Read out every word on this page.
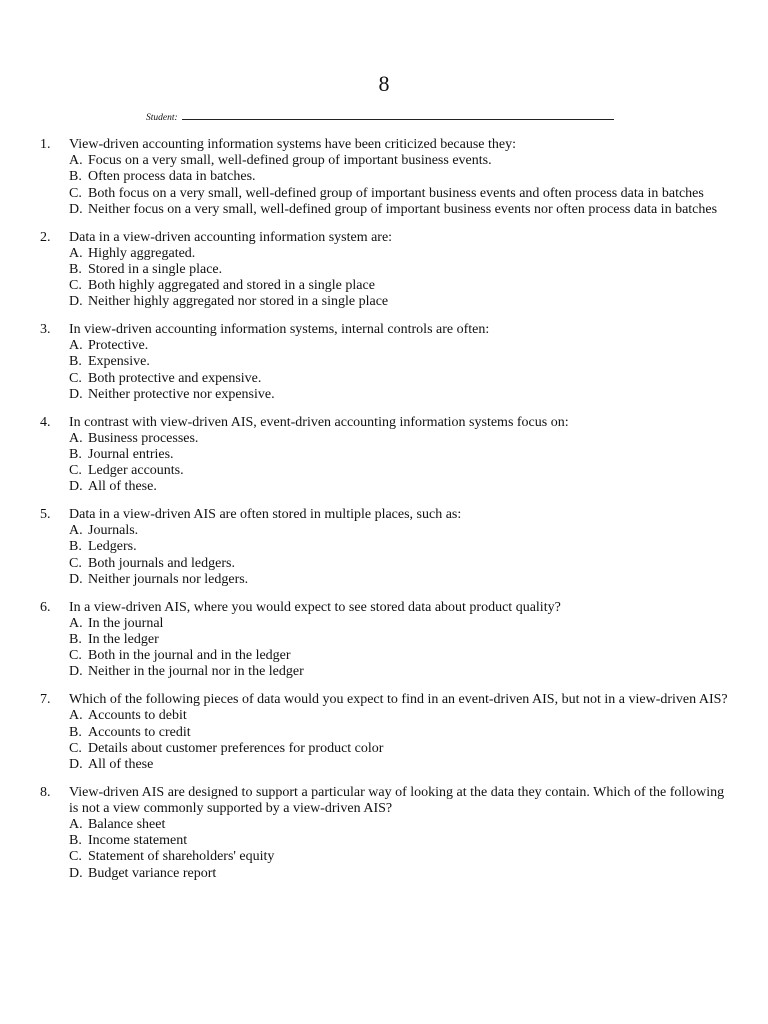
8
Student:
1.	View-driven accounting information systems have been criticized because they:
A. Focus on a very small, well-defined group of important business events.
B. Often process data in batches.
C. Both focus on a very small, well-defined group of important business events and often process data in batches
D. Neither focus on a very small, well-defined group of important business events nor often process data in batches
2.	Data in a view-driven accounting information system are:
A. Highly aggregated.
B. Stored in a single place.
C. Both highly aggregated and stored in a single place
D. Neither highly aggregated nor stored in a single place
3.	In view-driven accounting information systems, internal controls are often:
A. Protective.
B. Expensive.
C. Both protective and expensive.
D. Neither protective nor expensive.
4.	In contrast with view-driven AIS, event-driven accounting information systems focus on:
A. Business processes.
B. Journal entries.
C. Ledger accounts.
D. All of these.
5.	Data in a view-driven AIS are often stored in multiple places, such as:
A. Journals.
B. Ledgers.
C. Both journals and ledgers.
D. Neither journals nor ledgers.
6.	In a view-driven AIS, where you would expect to see stored data about product quality?
A. In the journal
B. In the ledger
C. Both in the journal and in the ledger
D. Neither in the journal nor in the ledger
7.	Which of the following pieces of data would you expect to find in an event-driven AIS, but not in a view-driven AIS?
A. Accounts to debit
B. Accounts to credit
C. Details about customer preferences for product color
D. All of these
8.	View-driven AIS are designed to support a particular way of looking at the data they contain. Which of the following is not a view commonly supported by a view-driven AIS?
A. Balance sheet
B. Income statement
C. Statement of shareholders' equity
D. Budget variance report
